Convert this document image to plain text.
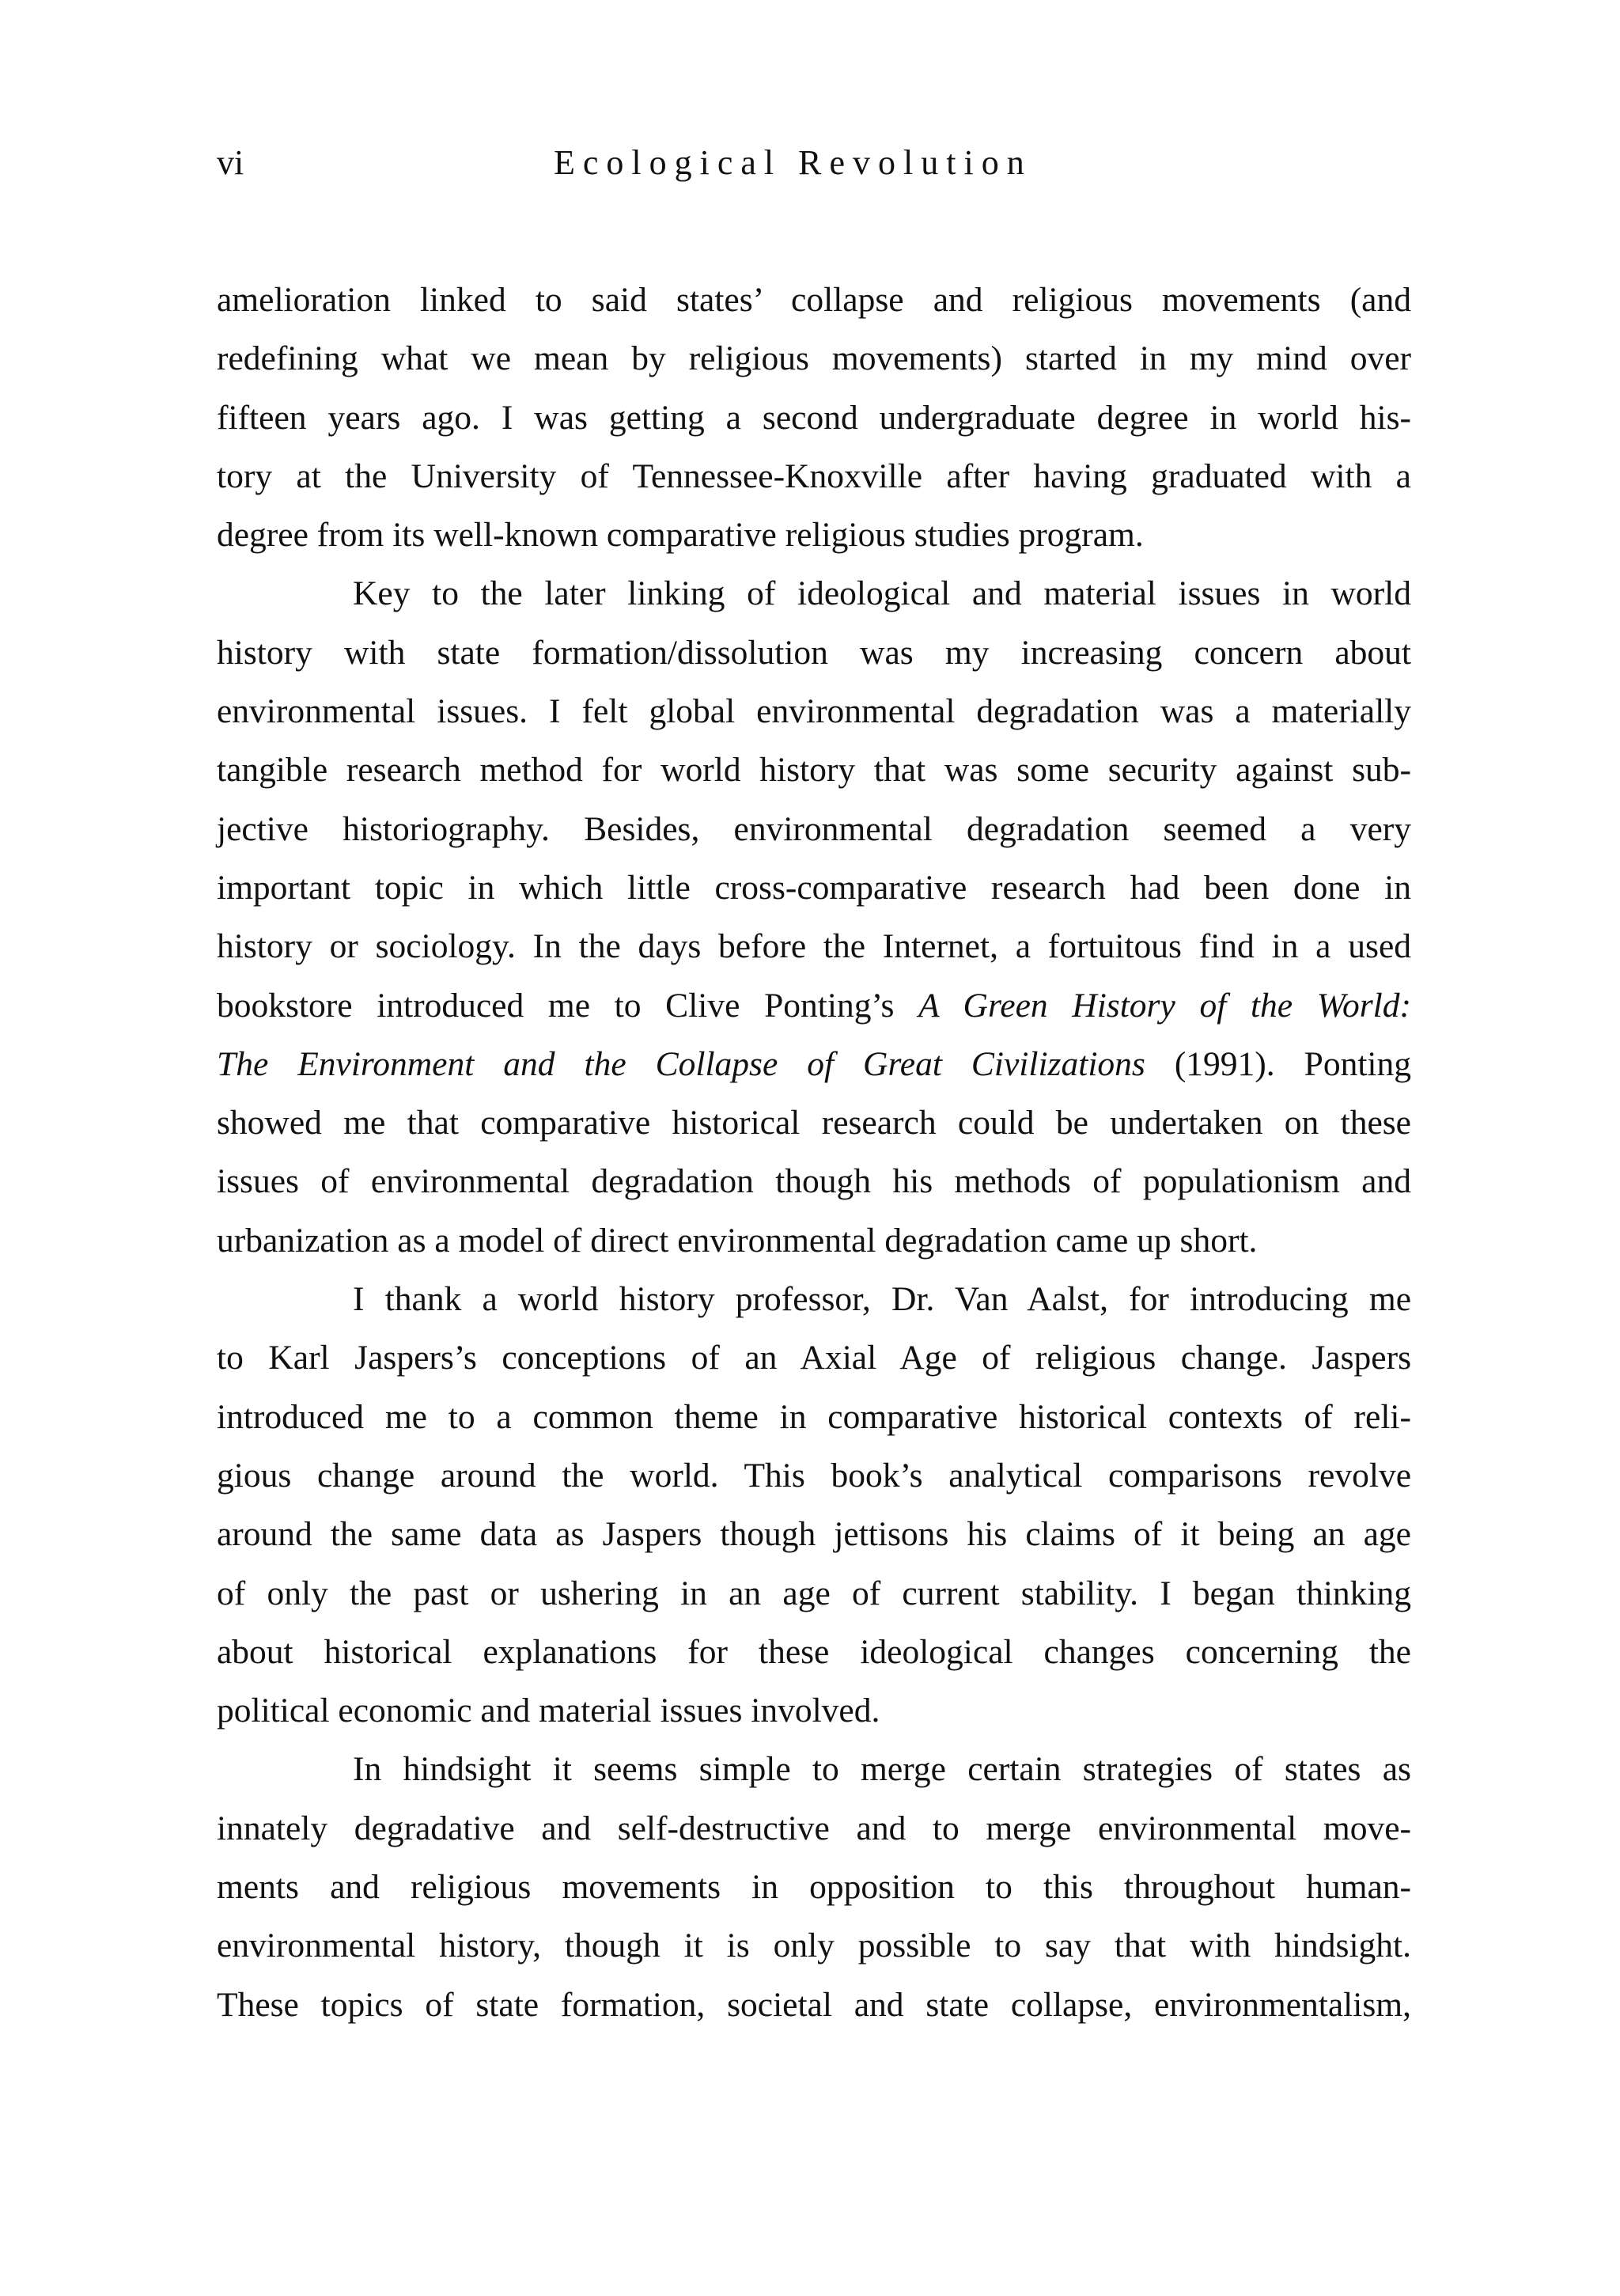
vi	Ecological Revolution
amelioration linked to said states’ collapse and religious movements (and
redefining what we mean by religious movements) started in my mind over
fifteen years ago. I was getting a second undergraduate degree in world his-
tory at the University of Tennessee-Knoxville after having graduated with a
degree from its well-known comparative religious studies program.
Key to the later linking of ideological and material issues in world
history with state formation/dissolution was my increasing concern about
environmental issues. I felt global environmental degradation was a materially
tangible research method for world history that was some security against sub-
jective historiography. Besides, environmental degradation seemed a very
important topic in which little cross-comparative research had been done in
history or sociology. In the days before the Internet, a fortuitous find in a used
bookstore introduced me to Clive Ponting’s A Green History of the World:
The Environment and the Collapse of Great Civilizations (1991). Ponting
showed me that comparative historical research could be undertaken on these
issues of environmental degradation though his methods of populationism and
urbanization as a model of direct environmental degradation came up short.
I thank a world history professor, Dr. Van Aalst, for introducing me
to Karl Jaspers’s conceptions of an Axial Age of religious change. Jaspers
introduced me to a common theme in comparative historical contexts of reli-
gious change around the world. This book’s analytical comparisons revolve
around the same data as Jaspers though jettisons his claims of it being an age
of only the past or ushering in an age of current stability. I began thinking
about historical explanations for these ideological changes concerning the
political economic and material issues involved.
In hindsight it seems simple to merge certain strategies of states as
innately degradative and self-destructive and to merge environmental move-
ments and religious movements in opposition to this throughout human-
environmental history, though it is only possible to say that with hindsight.
These topics of state formation, societal and state collapse, environmentalism,
